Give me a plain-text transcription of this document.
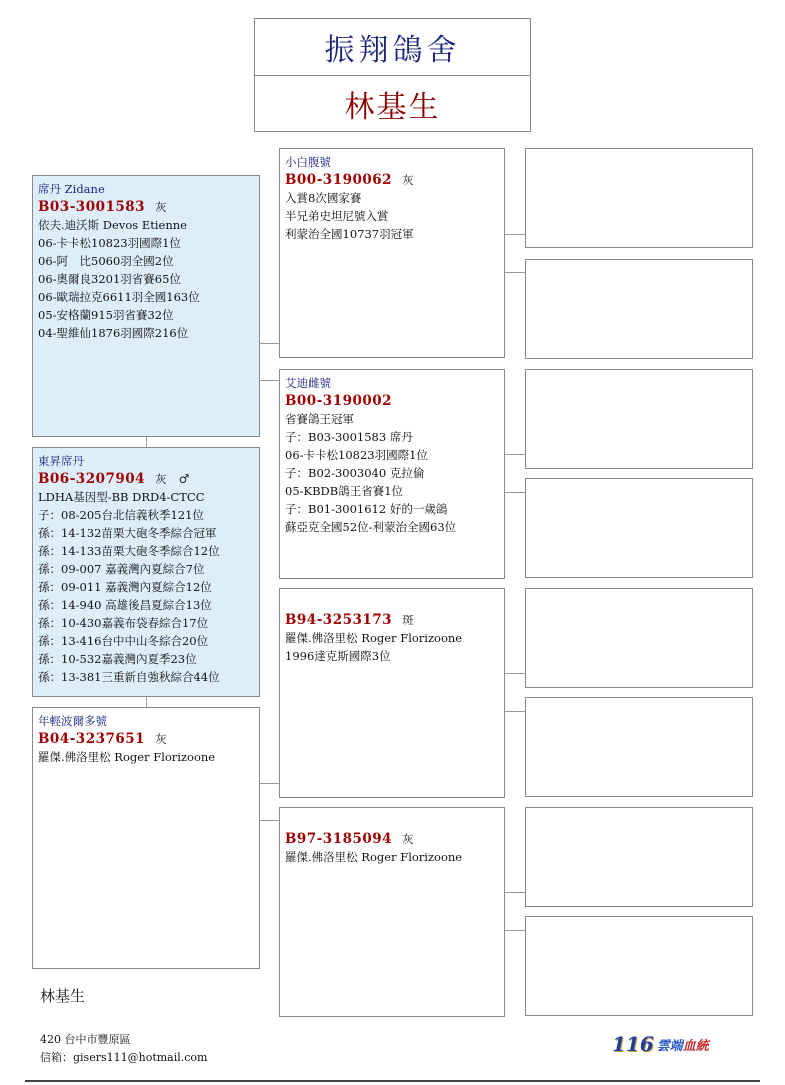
振翔鴿舍
林基生
席丹 Zidane
B03-3001583 灰
依夫.迪沃斯 Devos Etienne
06-卡卡松10823羽國際1位
06-阿　比5060羽全國2位
06-奧爾良3201羽省賽65位
06-歐瑞拉克6611羽全國163位
05-安格蘭915羽省賽32位
04-聖維仙1876羽國際216位
東昇席丹
B06-3207904 灰 ♂
LDHA基因型-BB DRD4-CTCC
子：08-205台北信義秋季121位
孫：14-132苗栗大砲冬季綜合冠軍
孫：14-133苗栗大砲冬季綜合12位
孫：09-007 嘉義灣內夏綜合7位
孫：09-011 嘉義灣內夏綜合12位
孫：14-940 高雄後昌夏綜合13位
孫：10-430嘉義布袋春綜合17位
孫：13-416台中中山冬綜合20位
孫：10-532嘉義灣內夏季23位
孫：13-381三重新自強秋綜合44位
年輕波爾多號
B04-3237651 灰
羅傑.佛洛里松 Roger Florizoone
小白腹號
B00-3190062 灰
入賞8次國家賽
半兄弟史坦尼號入賞
利蒙治全國10737羽冠軍
艾迪雌號
B00-3190002
省賽鴿王冠軍
子：B03-3001583 席丹
06-卡卡松10823羽國際1位
子：B02-3003040 克拉倫
05-KBDB鴿王省賽1位
子：B01-3001612 好的一歲鴿
蘇亞克全國52位-利蒙治全國63位
B94-3253173 斑
羅傑.佛洛里松 Roger Florizoone
1996達克斯國際3位
B97-3185094 灰
羅傑.佛洛里松 Roger Florizoone
林基生
420 台中市豐原區
信箱：gisers111@hotmail.com
116 雲端血統
